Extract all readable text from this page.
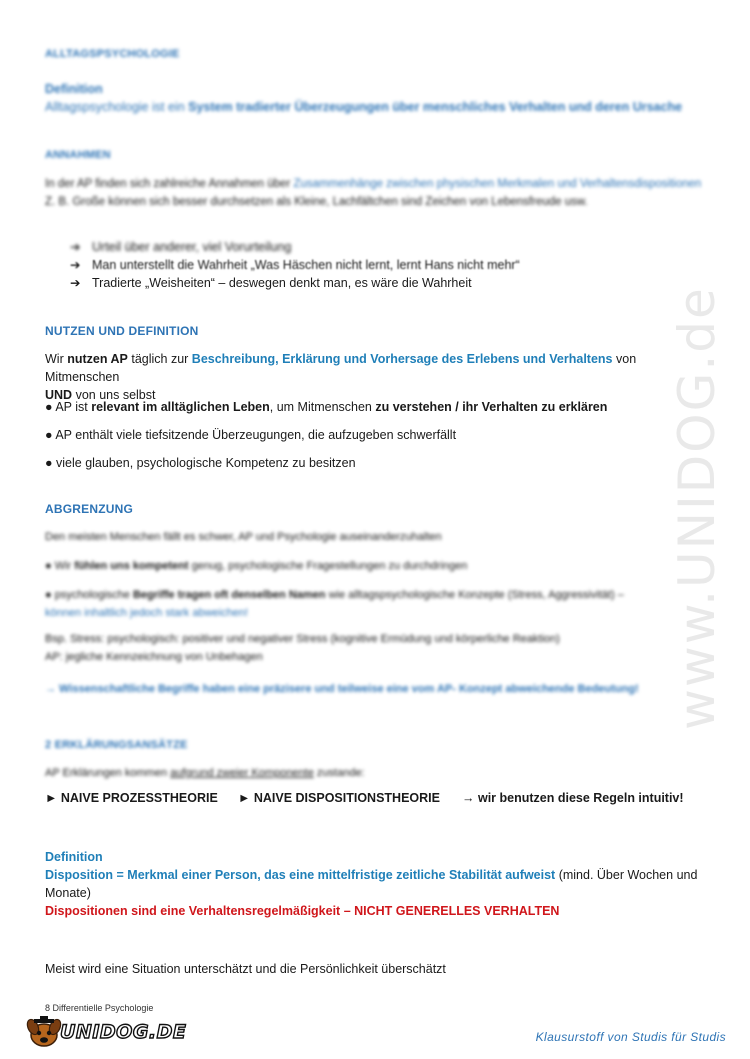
www.UNIDOG.de
ALLTAGSPSYCHOLOGIE
Definition
Alltagspsychologie ist ein System tradierter Überzeugungen über menschliches Verhalten und deren Ursache
ANNAHMEN
In der AP finden sich zahlreiche Annahmen über Zusammenhänge zwischen physischen Merkmalen und Verhaltensdispositionen
Z. B. Große können sich besser durchsetzen als Kleine, Lachfältchen sind Zeichen von Lebensfreude usw.
➔ Urteil über anderer, viel Vorurteilung
➔ Man unterstellt die Wahrheit „Was Häschen nicht lernt, lernt Hans nicht mehr“
➔ Tradierte „Weisheiten“ – deswegen denkt man, es wäre die Wahrheit
NUTZEN UND DEFINITION
Wir nutzen AP täglich zur Beschreibung, Erklärung und Vorhersage des Erlebens und Verhaltens von Mitmenschen
UND von uns selbst
● AP ist relevant im alltäglichen Leben, um Mitmenschen zu verstehen / ihr Verhalten zu erklären
● AP enthält viele tiefsitzende Überzeugungen, die aufzugeben schwerfällt
● viele glauben, psychologische Kompetenz zu besitzen
ABGRENZUNG
Den meisten Menschen fällt es schwer, AP und Psychologie auseinanderzuhalten
● Wir fühlen uns kompetent genug, psychologische Fragestellungen zu durchdringen
● psychologische Begriffe tragen oft denselben Namen wie alltagspsychologische Konzepte (Stress, Aggressivität) –
können inhaltlich jedoch stark abweichen!
Bsp. Stress: psychologisch: positiver und negativer Stress (kognitive Ermüdung und körperliche Reaktion)
AP: jegliche Kennzeichnung von Unbehagen
→ Wissenschaftliche Begriffe haben eine präzisere und teilweise eine vom AP- Konzept abweichende Bedeutung!
2 ERKLÄRUNGSANSÄTZE
AP Erklärungen kommen aufgrund zweier Komponente zustande:
► NAIVE PROZESSTHEORIE ► NAIVE DISPOSITIONSTHEORIE → wir benutzen diese Regeln intuitiv!
Definition
Disposition = Merkmal einer Person, das eine mittelfristige zeitliche Stabilität aufweist (mind. Über Wochen und
Monate)
Dispositionen sind eine Verhaltensregelmäßigkeit – NICHT GENERELLES VERHALTEN
Meist wird eine Situation unterschätzt und die Persönlichkeit überschätzt
8 Differentielle Psychologie
UNIDOG.DE	Klausurstoff von Studis für Studis
